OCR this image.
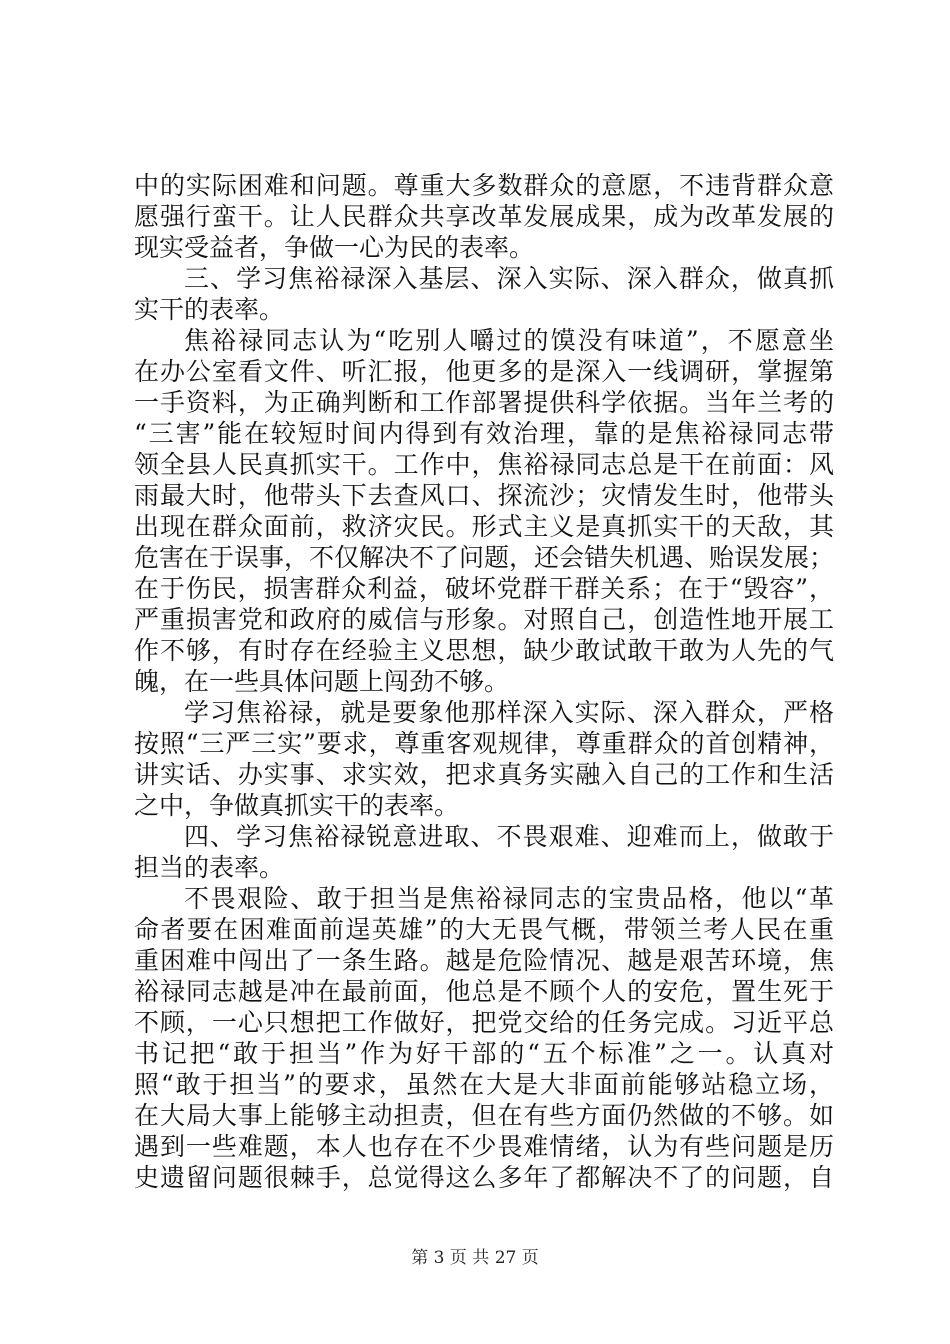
中的实际困难和问题。尊重大多数群众的意愿，不违背群众意
愿强行蛮干。让人民群众共享改革发展成果，成为改革发展的
现实受益者，争做一心为民的表率。
三、学习焦裕禄深入基层、深入实际、深入群众，做真抓
实干的表率。
焦裕禄同志认为“吃别人嚼过的馍没有味道”，不愿意坐
在办公室看文件、听汇报，他更多的是深入一线调研，掌握第
一手资料，为正确判断和工作部署提供科学依据。当年兰考的
“三害”能在较短时间内得到有效治理，靠的是焦裕禄同志带
领全县人民真抓实干。工作中，焦裕禄同志总是干在前面：风
雨最大时，他带头下去查风口、探流沙；灾情发生时，他带头
出现在群众面前，救济灾民。形式主义是真抓实干的天敌，其
危害在于误事，不仅解决不了问题，还会错失机遇、贻误发展；
在于伤民，损害群众利益，破坏党群干群关系；在于“毁容”，
严重损害党和政府的威信与形象。对照自己，创造性地开展工
作不够，有时存在经验主义思想，缺少敢试敢干敢为人先的气
魄，在一些具体问题上闯劲不够。
学习焦裕禄，就是要象他那样深入实际、深入群众，严格
按照“三严三实”要求，尊重客观规律，尊重群众的首创精神，
讲实话、办实事、求实效，把求真务实融入自己的工作和生活
之中，争做真抓实干的表率。
四、学习焦裕禄锐意进取、不畏艰难、迎难而上，做敢于
担当的表率。
不畏艰险、敢于担当是焦裕禄同志的宝贵品格，他以“革
命者要在困难面前逞英雄”的大无畏气概，带领兰考人民在重
重困难中闯出了一条生路。越是危险情况、越是艰苦环境，焦
裕禄同志越是冲在最前面，他总是不顾个人的安危，置生死于
不顾，一心只想把工作做好，把党交给的任务完成。习近平总
书记把“敢于担当”作为好干部的“五个标准”之一。认真对
照“敢于担当”的要求，虽然在大是大非面前能够站稳立场，
在大局大事上能够主动担责，但在有些方面仍然做的不够。如
遇到一些难题，本人也存在不少畏难情绪，认为有些问题是历
史遗留问题很棘手，总觉得这么多年了都解决不了的问题，自
第 3 页 共 27 页
